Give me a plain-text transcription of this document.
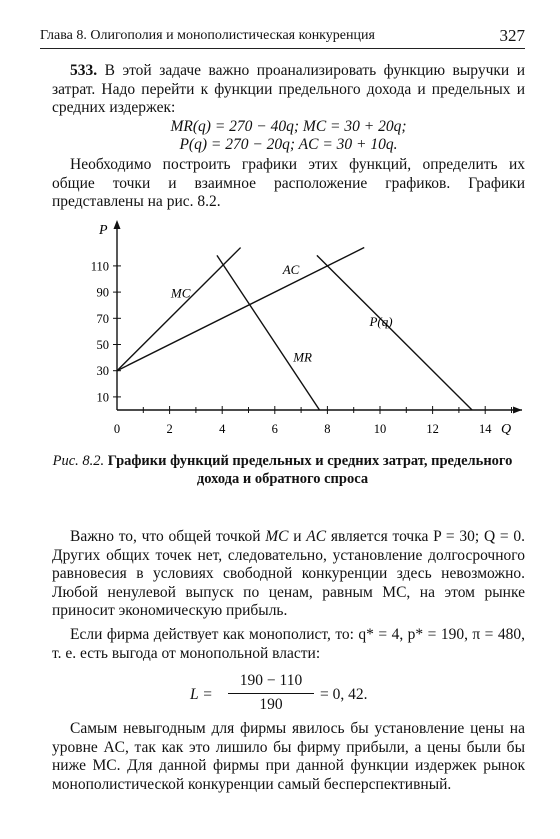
Глава 8. Олигополия и монополистическая конкуренция	327
533. В этой задаче важно проанализировать функцию выручки и затрат. Надо перейти к функции предельного дохода и предельных и средних издержек:
MR(q) = 270 − 40q; MC = 30 + 20q;
P(q) = 270 − 20q; AC = 30 + 10q.
Необходимо построить графики этих функций, определить их общие точки и взаимное расположение графиков. Графики представлены на рис. 8.2.
P
Q
0	2	4	6	8	10	12	14
10
30
50
70
90
110
MC
AC
MR
P(q)
Рис. 8.2. Графики функций предельных и средних затрат, предельного дохода и обратного спроса
Важно то, что общей точкой MC и AC является точка P = 30; Q = 0. Других общих точек нет, следовательно, установление долгосрочного равновесия в условиях свободной конкуренции здесь невозможно. Любой ненулевой выпуск по ценам, равным MC, на этом рынке приносит экономическую прибыль.
Если фирма действует как монополист, то: q* = 4, p* = 190, π = 480, т. е. есть выгода от монопольной власти:
L =
190 − 110
190
= 0, 42.
Самым невыгодным для фирмы явилось бы установление цены на уровне AC, так как это лишило бы фирму прибыли, а цены были бы ниже MC. Для данной фирмы при данной функции издержек рынок монополистической конкуренции самый бесперспективный.
